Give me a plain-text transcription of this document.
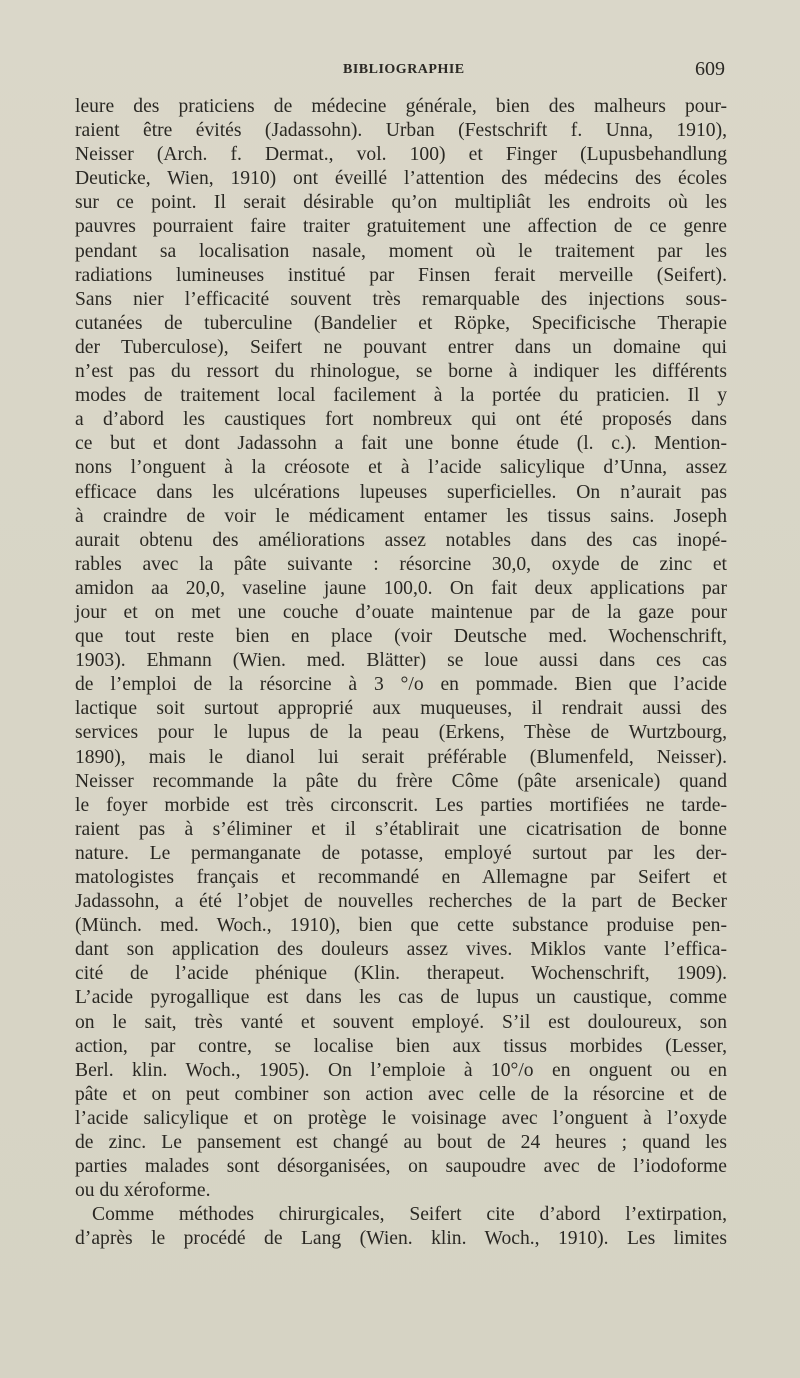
BIBLIOGRAPHIE	609
leure des praticiens de médecine générale, bien des malheurs pour-
raient être évités (Jadassohn). Urban (Festschrift f. Unna, 1910),
Neisser (Arch. f. Dermat., vol. 100) et Finger (Lupusbehandlung
Deuticke, Wien, 1910) ont éveillé l’attention des médecins des écoles
sur ce point. Il serait désirable qu’on multipliât les endroits où les
pauvres pourraient faire traiter gratuitement une affection de ce genre
pendant sa localisation nasale, moment où le traitement par les
radiations lumineuses institué par Finsen ferait merveille (Seifert).
Sans nier l’efficacité souvent très remarquable des injections sous-
cutanées de tuberculine (Bandelier et Röpke, Specificische Therapie
der Tuberculose), Seifert ne pouvant entrer dans un domaine qui
n’est pas du ressort du rhinologue, se borne à indiquer les différents
modes de traitement local facilement à la portée du praticien. Il y
a d’abord les caustiques fort nombreux qui ont été proposés dans
ce but et dont Jadassohn a fait une bonne étude (l. c.). Mention-
nons l’onguent à la créosote et à l’acide salicylique d’Unna, assez
efficace dans les ulcérations lupeuses superficielles. On n’aurait pas
à craindre de voir le médicament entamer les tissus sains. Joseph
aurait obtenu des améliorations assez notables dans des cas inopé-
rables avec la pâte suivante : résorcine 30,0, oxyde de zinc et
amidon aa 20,0, vaseline jaune 100,0. On fait deux applications par
jour et on met une couche d’ouate maintenue par de la gaze pour
que tout reste bien en place (voir Deutsche med. Wochenschrift,
1903). Ehmann (Wien. med. Blätter) se loue aussi dans ces cas
de l’emploi de la résorcine à 3 °/o en pommade. Bien que l’acide
lactique soit surtout approprié aux muqueuses, il rendrait aussi des
services pour le lupus de la peau (Erkens, Thèse de Wurtzbourg,
1890), mais le dianol lui serait préférable (Blumenfeld, Neisser).
Neisser recommande la pâte du frère Côme (pâte arsenicale) quand
le foyer morbide est très circonscrit. Les parties mortifiées ne tarde-
raient pas à s’éliminer et il s’établirait une cicatrisation de bonne
nature. Le permanganate de potasse, employé surtout par les der-
matologistes français et recommandé en Allemagne par Seifert et
Jadassohn, a été l’objet de nouvelles recherches de la part de Becker
(Münch. med. Woch., 1910), bien que cette substance produise pen-
dant son application des douleurs assez vives. Miklos vante l’effica-
cité de l’acide phénique (Klin. therapeut. Wochenschrift, 1909).
L’acide pyrogallique est dans les cas de lupus un caustique, comme
on le sait, très vanté et souvent employé. S’il est douloureux, son
action, par contre, se localise bien aux tissus morbides (Lesser,
Berl. klin. Woch., 1905). On l’emploie à 10°/o en onguent ou en
pâte et on peut combiner son action avec celle de la résorcine et de
l’acide salicylique et on protège le voisinage avec l’onguent à l’oxyde
de zinc. Le pansement est changé au bout de 24 heures ; quand les
parties malades sont désorganisées, on saupoudre avec de l’iodoforme
ou du xéroforme.
Comme méthodes chirurgicales, Seifert cite d’abord l’extirpation,
d’après le procédé de Lang (Wien. klin. Woch., 1910). Les limites
